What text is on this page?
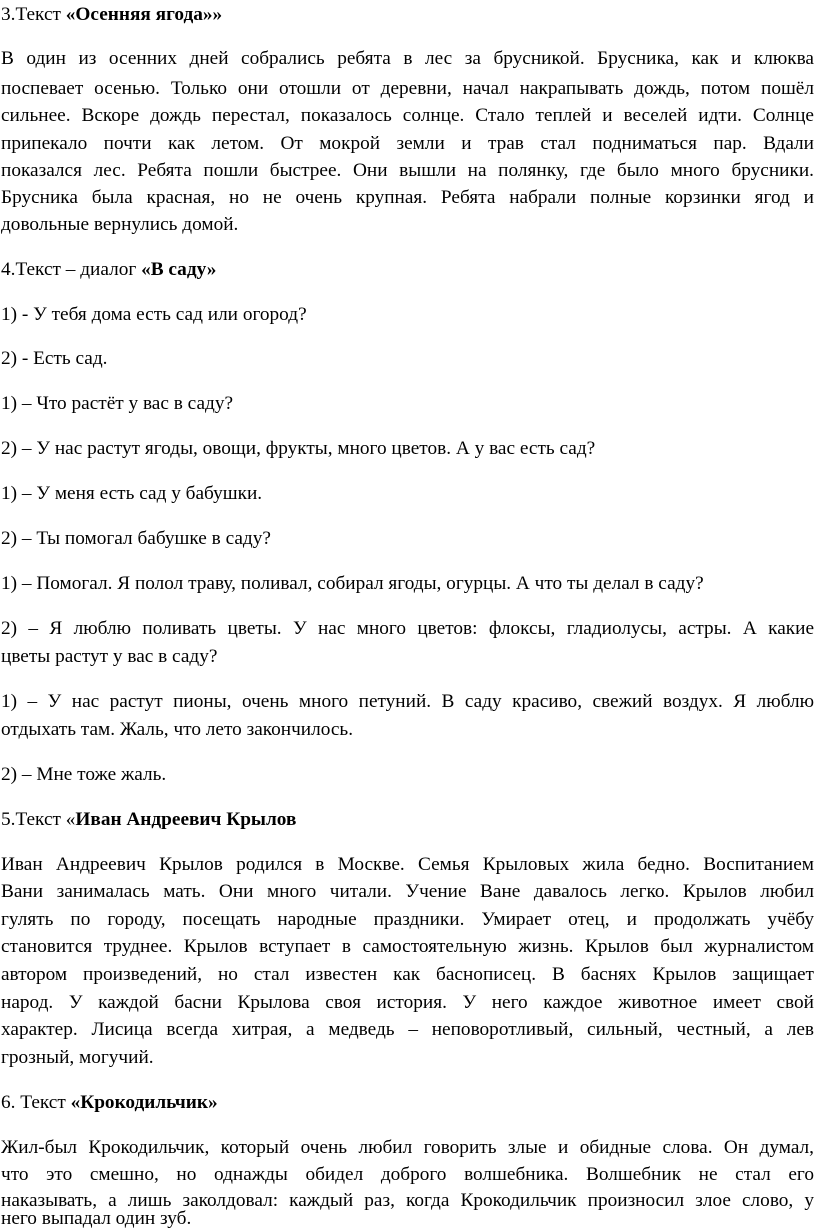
3.Текст «Осенняя ягода»»
В один из осенних дней собрались ребята в лес за брусникой. Брусника, как и клюква
поспевает осенью. Только они отошли от деревни, начал накрапывать дождь, потом пошёл
сильнее. Вскоре дождь перестал, показалось солнце. Стало теплей и веселей идти. Солнце
припекало почти как летом. От мокрой земли и трав стал подниматься пар. Вдали
показался лес. Ребята пошли быстрее. Они вышли на полянку, где было много брусники.
Брусника была красная, но не очень крупная. Ребята набрали полные корзинки ягод и
довольные вернулись домой.
4.Текст – диалог «В саду»
1) - У тебя дома есть сад или огород?
2) - Есть сад.
1) – Что растёт у вас в саду?
2) – У нас растут ягоды, овощи, фрукты, много цветов. А у вас есть сад?
1) – У меня есть сад у бабушки.
2) – Ты помогал бабушке в саду?
1) – Помогал. Я полол траву, поливал, собирал ягоды, огурцы. А что ты делал в саду?
2) – Я люблю поливать цветы. У нас много цветов: флоксы, гладиолусы, астры. А какие
цветы растут у вас в саду?
1) – У нас растут пионы, очень много петуний. В саду красиво, свежий воздух. Я люблю
отдыхать там. Жаль, что лето закончилось.
2) – Мне тоже жаль.
5.Текст «Иван Андреевич Крылов
Иван Андреевич Крылов родился в Москве. Семья Крыловых жила бедно. Воспитанием
Вани занималась мать. Они много читали. Учение Ване давалось легко. Крылов любил
гулять по городу, посещать народные праздники. Умирает отец, и продолжать учёбу
становится труднее. Крылов вступает в самостоятельную жизнь. Крылов был журналистом
автором произведений, но стал известен как баснописец. В баснях Крылов защищает
народ. У каждой басни Крылова своя история. У него каждое животное имеет свой
характер. Лисица всегда хитрая, а медведь – неповоротливый, сильный, честный, а лев
грозный, могучий.
6. Текст «Крокодильчик»
Жил-был Крокодильчик, который очень любил говорить злые и обидные слова. Он думал,
что это смешно, но однажды обидел доброго волшебника. Волшебник не стал его
наказывать, а лишь заколдовал: каждый раз, когда Крокодильчик произносил злое слово, у
него выпадал один зуб.
